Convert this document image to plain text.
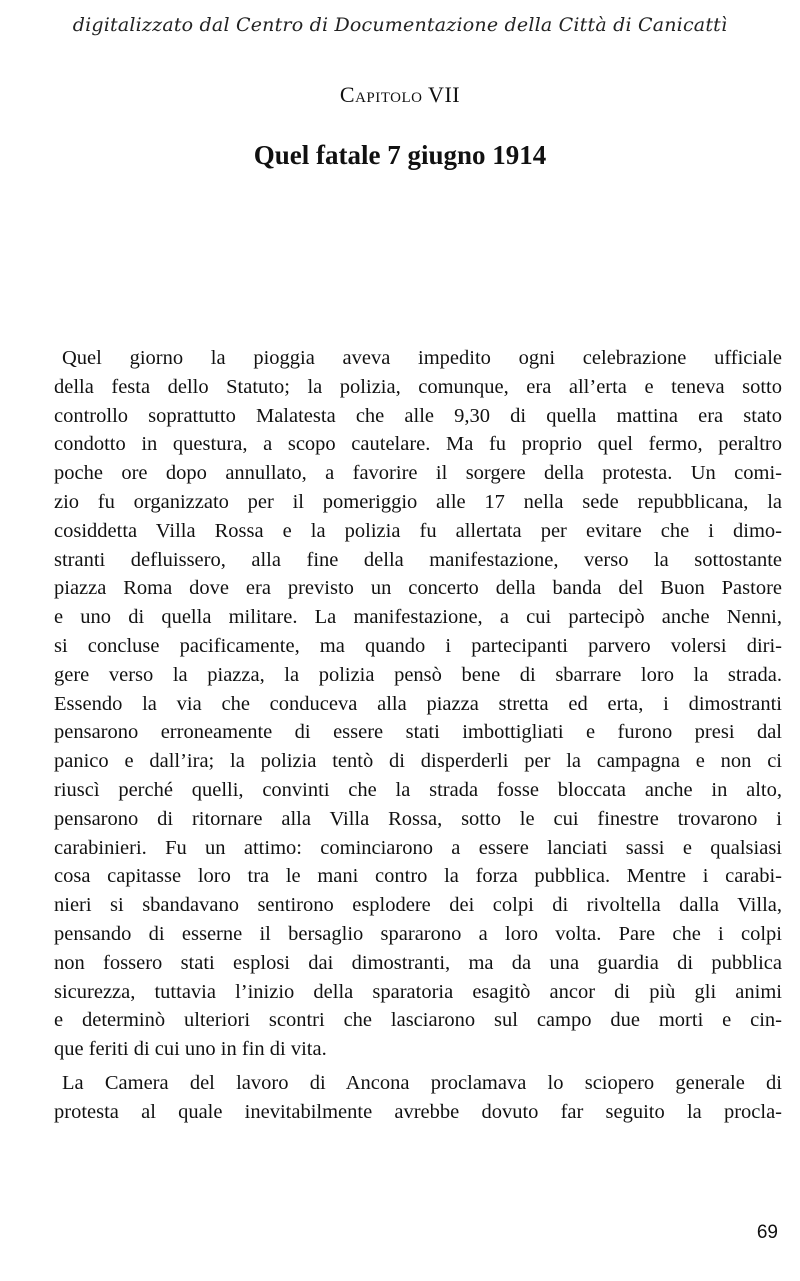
digitalizzato dal Centro di Documentazione della Città di Canicattì
Capitolo VII
Quel fatale 7 giugno 1914
Quel giorno la pioggia aveva impedito ogni celebrazione ufficiale
della festa dello Statuto; la polizia, comunque, era all’erta e teneva sotto
controllo soprattutto Malatesta che alle 9,30 di quella mattina era stato
condotto in questura, a scopo cautelare. Ma fu proprio quel fermo, peraltro
poche ore dopo annullato, a favorire il sorgere della protesta. Un comi-
zio fu organizzato per il pomeriggio alle 17 nella sede repubblicana, la
cosiddetta Villa Rossa e la polizia fu allertata per evitare che i dimo-
stranti defluissero, alla fine della manifestazione, verso la sottostante
piazza Roma dove era previsto un concerto della banda del Buon Pastore
e uno di quella militare. La manifestazione, a cui partecipò anche Nenni,
si concluse pacificamente, ma quando i partecipanti parvero volersi diri-
gere verso la piazza, la polizia pensò bene di sbarrare loro la strada.
Essendo la via che conduceva alla piazza stretta ed erta, i dimostranti
pensarono erroneamente di essere stati imbottigliati e furono presi dal
panico e dall’ira; la polizia tentò di disperderli per la campagna e non ci
riuscì perché quelli, convinti che la strada fosse bloccata anche in alto,
pensarono di ritornare alla Villa Rossa, sotto le cui finestre trovarono i
carabinieri. Fu un attimo: cominciarono a essere lanciati sassi e qualsiasi
cosa capitasse loro tra le mani contro la forza pubblica. Mentre i carabi-
nieri si sbandavano sentirono esplodere dei colpi di rivoltella dalla Villa,
pensando di esserne il bersaglio spararono a loro volta. Pare che i colpi
non fossero stati esplosi dai dimostranti, ma da una guardia di pubblica
sicurezza, tuttavia l’inizio della sparatoria esagitò ancor di più gli animi
e determinò ulteriori scontri che lasciarono sul campo due morti e cin-
que feriti di cui uno in fin di vita.
La Camera del lavoro di Ancona proclamava lo sciopero generale di
protesta al quale inevitabilmente avrebbe dovuto far seguito la procla-
69
